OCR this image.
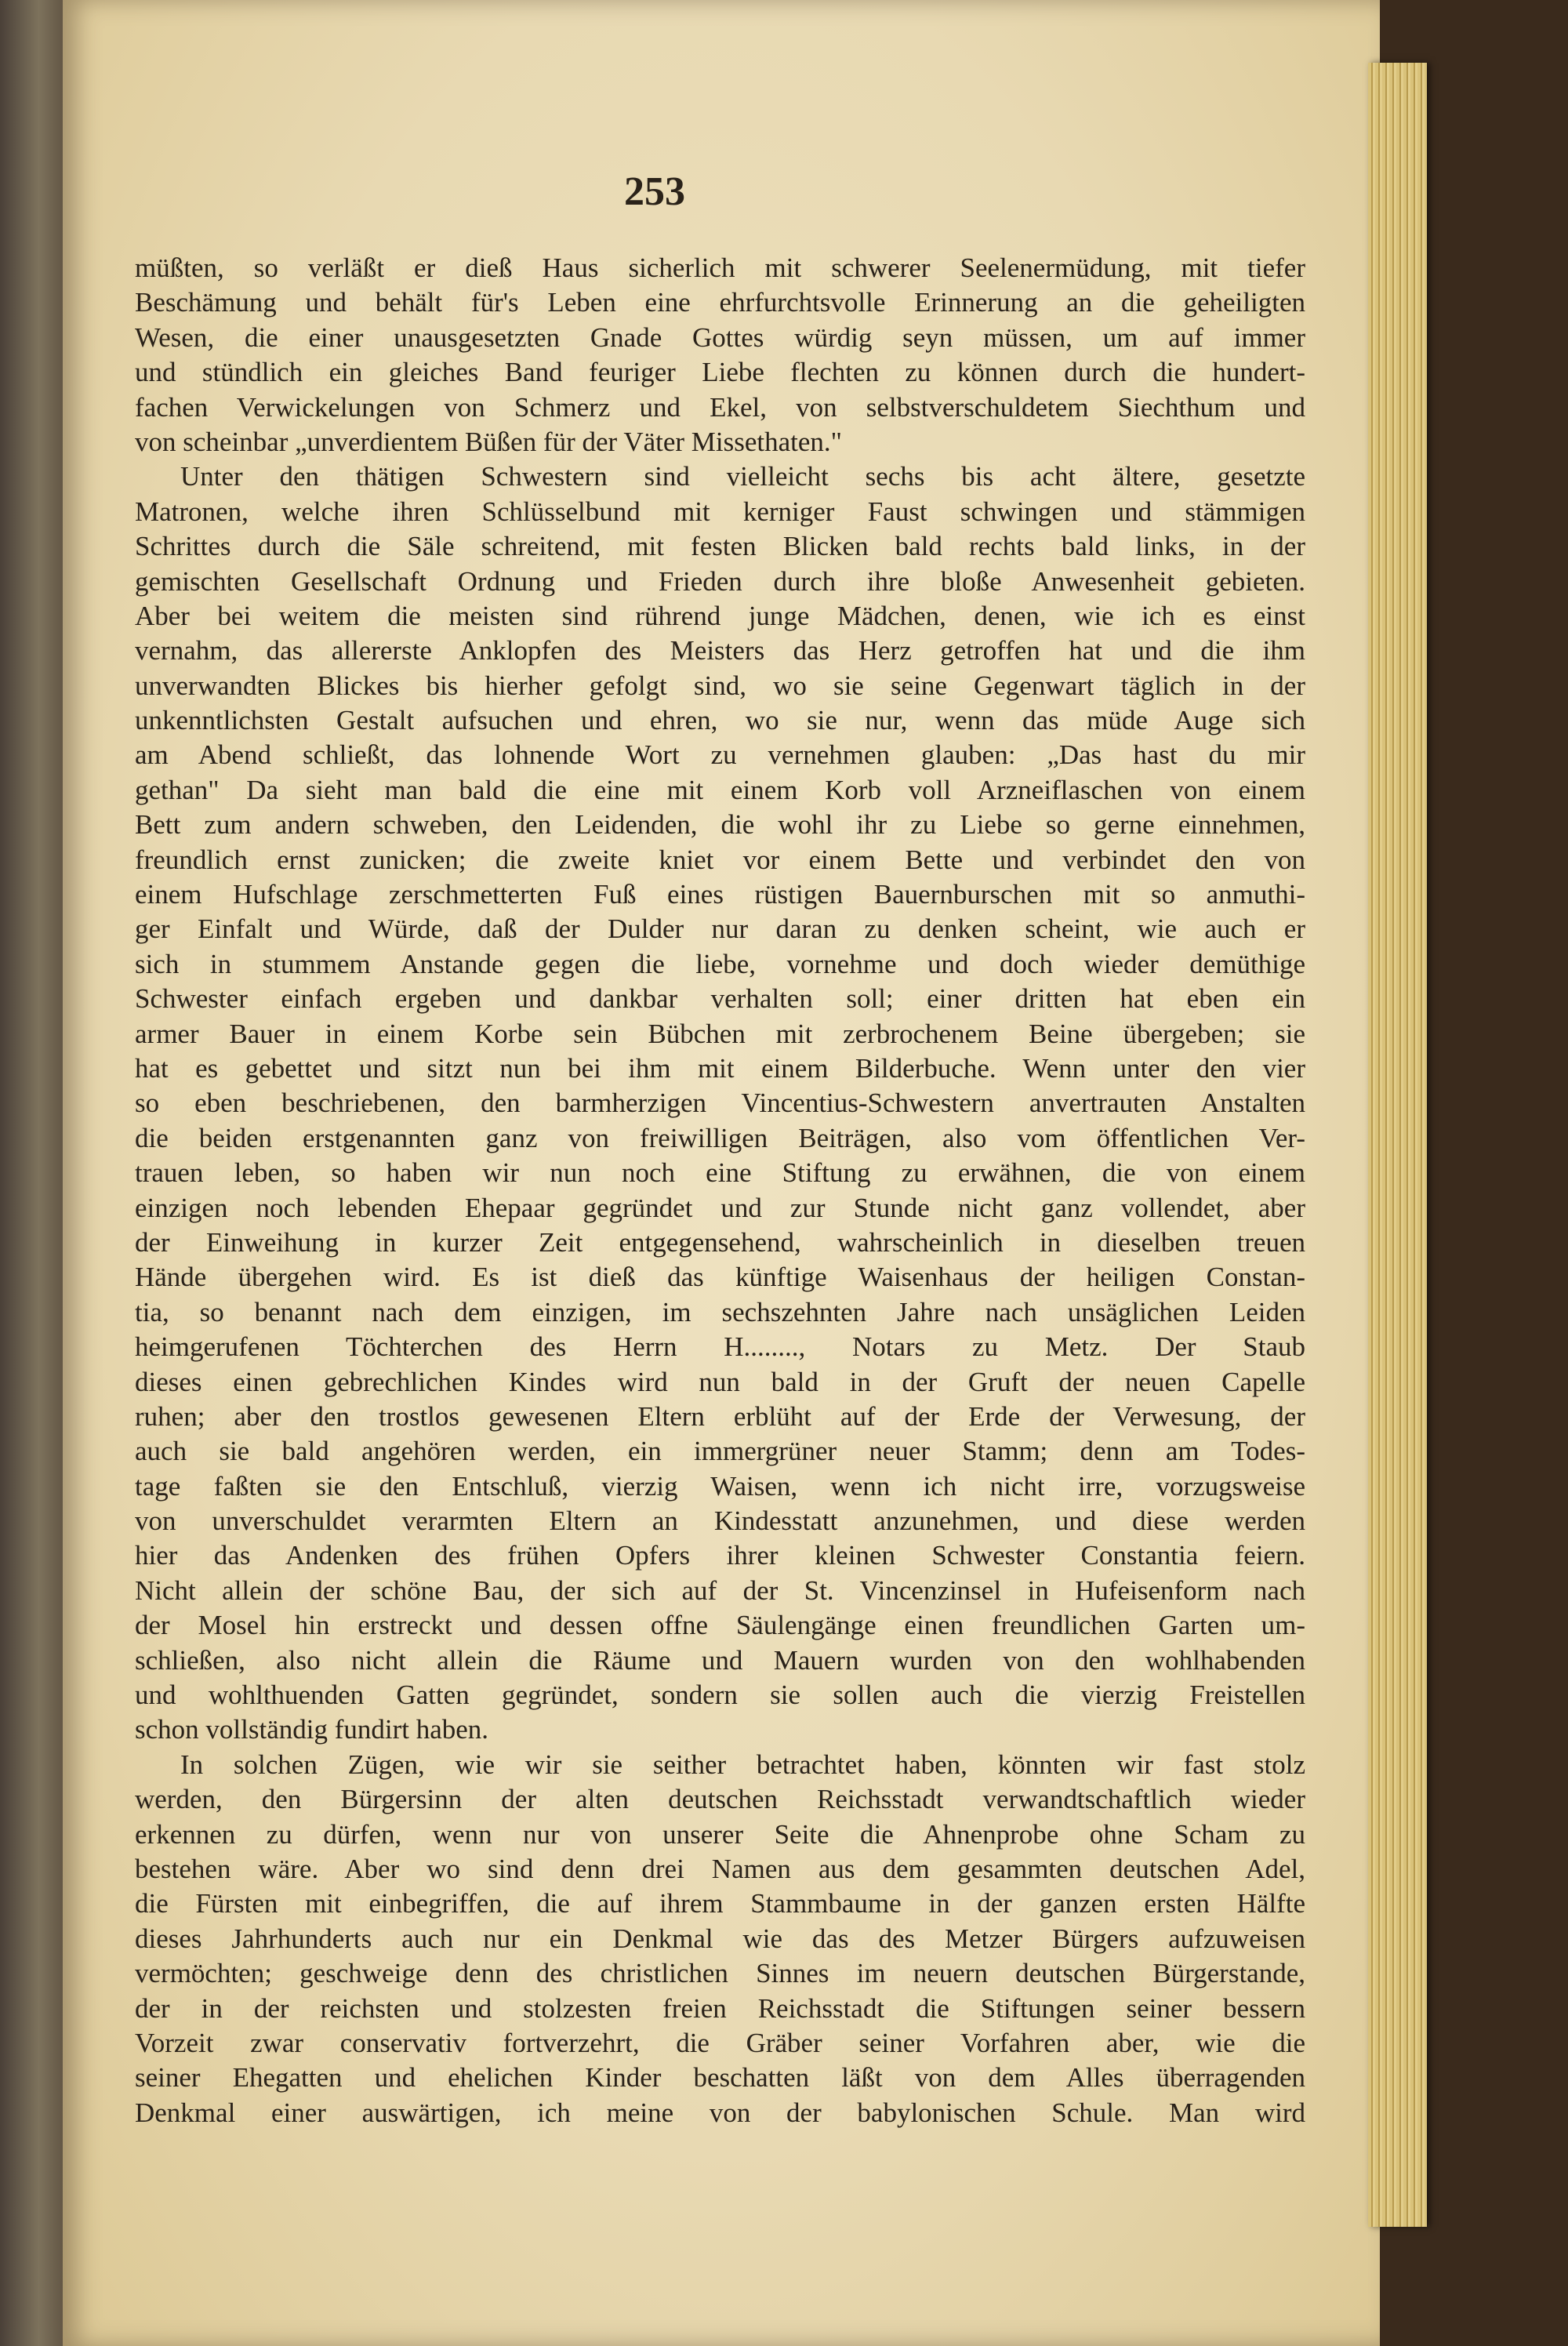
253
müßten, so verläßt er dieß Haus sicherlich mit schwerer Seelenermüdung, mit tiefer
Beschämung und behält für's Leben eine ehrfurchtsvolle Erinnerung an die geheiligten
Wesen, die einer unausgesetzten Gnade Gottes würdig seyn müssen, um auf immer
und stündlich ein gleiches Band feuriger Liebe flechten zu können durch die hundert-
fachen Verwickelungen von Schmerz und Ekel, von selbstverschuldetem Siechthum und
von scheinbar „unverdientem Büßen für der Väter Missethaten."
Unter den thätigen Schwestern sind vielleicht sechs bis acht ältere, gesetzte
Matronen, welche ihren Schlüsselbund mit kerniger Faust schwingen und stämmigen
Schrittes durch die Säle schreitend, mit festen Blicken bald rechts bald links, in der
gemischten Gesellschaft Ordnung und Frieden durch ihre bloße Anwesenheit gebieten.
Aber bei weitem die meisten sind rührend junge Mädchen, denen, wie ich es einst
vernahm, das allererste Anklopfen des Meisters das Herz getroffen hat und die ihm
unverwandten Blickes bis hierher gefolgt sind, wo sie seine Gegenwart täglich in der
unkenntlichsten Gestalt aufsuchen und ehren, wo sie nur, wenn das müde Auge sich
am Abend schließt, das lohnende Wort zu vernehmen glauben: „Das hast du mir
gethan" Da sieht man bald die eine mit einem Korb voll Arzneiflaschen von einem
Bett zum andern schweben, den Leidenden, die wohl ihr zu Liebe so gerne einnehmen,
freundlich ernst zunicken; die zweite kniet vor einem Bette und verbindet den von
einem Hufschlage zerschmetterten Fuß eines rüstigen Bauernburschen mit so anmuthi-
ger Einfalt und Würde, daß der Dulder nur daran zu denken scheint, wie auch er
sich in stummem Anstande gegen die liebe, vornehme und doch wieder demüthige
Schwester einfach ergeben und dankbar verhalten soll; einer dritten hat eben ein
armer Bauer in einem Korbe sein Bübchen mit zerbrochenem Beine übergeben; sie
hat es gebettet und sitzt nun bei ihm mit einem Bilderbuche. Wenn unter den vier
so eben beschriebenen, den barmherzigen Vincentius-Schwestern anvertrauten Anstalten
die beiden erstgenannten ganz von freiwilligen Beiträgen, also vom öffentlichen Ver-
trauen leben, so haben wir nun noch eine Stiftung zu erwähnen, die von einem
einzigen noch lebenden Ehepaar gegründet und zur Stunde nicht ganz vollendet, aber
der Einweihung in kurzer Zeit entgegensehend, wahrscheinlich in dieselben treuen
Hände übergehen wird. Es ist dieß das künftige Waisenhaus der heiligen Constan-
tia, so benannt nach dem einzigen, im sechszehnten Jahre nach unsäglichen Leiden
heimgerufenen Töchterchen des Herrn H........, Notars zu Metz. Der Staub
dieses einen gebrechlichen Kindes wird nun bald in der Gruft der neuen Capelle
ruhen; aber den trostlos gewesenen Eltern erblüht auf der Erde der Verwesung, der
auch sie bald angehören werden, ein immergrüner neuer Stamm; denn am Todes-
tage faßten sie den Entschluß, vierzig Waisen, wenn ich nicht irre, vorzugsweise
von unverschuldet verarmten Eltern an Kindesstatt anzunehmen, und diese werden
hier das Andenken des frühen Opfers ihrer kleinen Schwester Constantia feiern.
Nicht allein der schöne Bau, der sich auf der St. Vincenzinsel in Hufeisenform nach
der Mosel hin erstreckt und dessen offne Säulengänge einen freundlichen Garten um-
schließen, also nicht allein die Räume und Mauern wurden von den wohlhabenden
und wohlthuenden Gatten gegründet, sondern sie sollen auch die vierzig Freistellen
schon vollständig fundirt haben.
In solchen Zügen, wie wir sie seither betrachtet haben, könnten wir fast stolz
werden, den Bürgersinn der alten deutschen Reichsstadt verwandtschaftlich wieder
erkennen zu dürfen, wenn nur von unserer Seite die Ahnenprobe ohne Scham zu
bestehen wäre. Aber wo sind denn drei Namen aus dem gesammten deutschen Adel,
die Fürsten mit einbegriffen, die auf ihrem Stammbaume in der ganzen ersten Hälfte
dieses Jahrhunderts auch nur ein Denkmal wie das des Metzer Bürgers aufzuweisen
vermöchten; geschweige denn des christlichen Sinnes im neuern deutschen Bürgerstande,
der in der reichsten und stolzesten freien Reichsstadt die Stiftungen seiner bessern
Vorzeit zwar conservativ fortverzehrt, die Gräber seiner Vorfahren aber, wie die
seiner Ehegatten und ehelichen Kinder beschatten läßt von dem Alles überragenden
Denkmal einer auswärtigen, ich meine von der babylonischen Schule. Man wird
